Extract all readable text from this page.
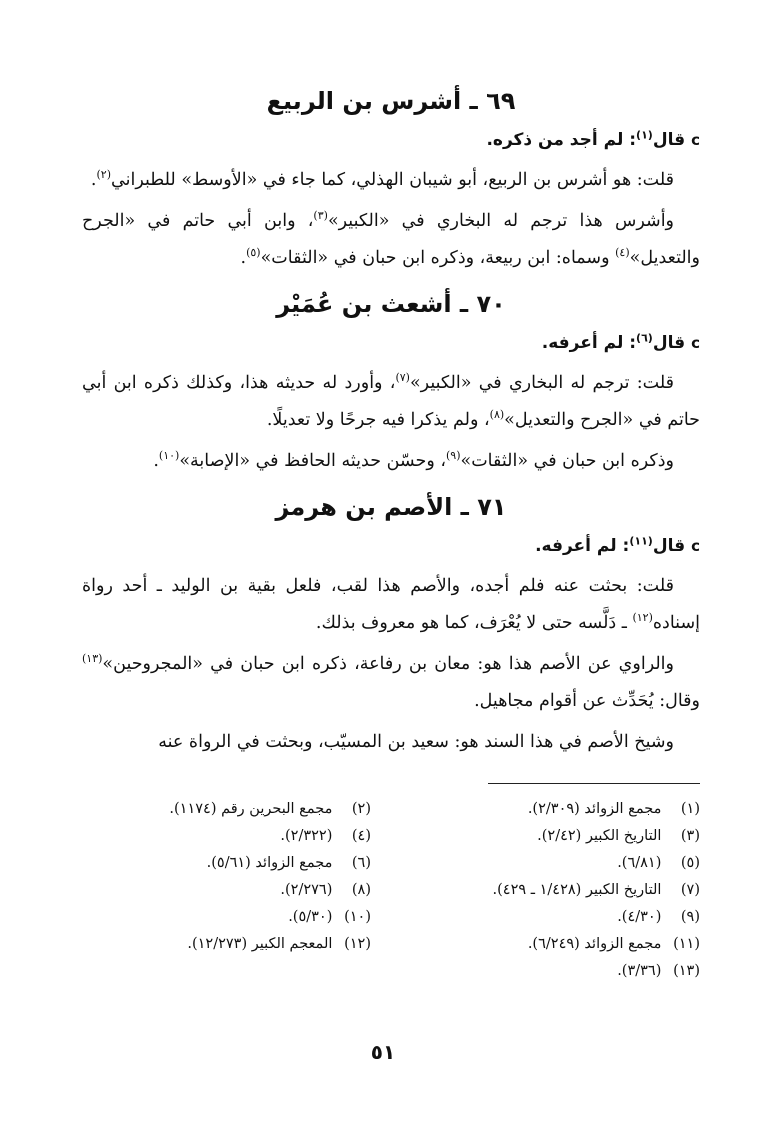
٦٩ ـ أشرس بن الربيع
cقال$^{(١)}$: لم أجد من ذكره.

قلت: هو أشرس بن الربيع، أبو شيبان الهذلي، كما جاء في «الأوسط» للطبراني$^{(٢)}$.

وأشرس هذا ترجم له البخاري في «الكبير»$^{(٣)}$، وابن أبي حاتم في «الجرح والتعديل»$^{(٤)}$ وسماه: ابن ربيعة، وذكره ابن حبان في «الثقات»$^{(٥)}$.

٧٠ ـ أشعث بن عُمَيْر
cقال$^{(٦)}$: لم أعرفه.

قلت: ترجم له البخاري في «الكبير»$^{(٧)}$، وأورد له حديثه هذا، وكذلك ذكره ابن أبي حاتم في «الجرح والتعديل»$^{(٨)}$، ولم يذكرا فيه جرحًا ولا تعديلًا.

وذكره ابن حبان في «الثقات»$^{(٩)}$، وحسّن حديثه الحافظ في «الإصابة»$^{(١٠)}$.

٧١ ـ الأصم بن هرمز
cقال$^{(١١)}$: لم أعرفه.

قلت: بحثت عنه فلم أجده، والأصم هذا لقب، فلعل بقية بن الوليد ـ أحد رواة إسناده$^{(١٢)}$ ـ دَلَّسه حتى لا يُعْرَف، كما هو معروف بذلك.

والراوي عن الأصم هذا هو: معان بن رفاعة، ذكره ابن حبان في «المجروحين»$^{(١٣)}$ وقال: يُحَدِّث عن أقوام مجاهيل.

وشيخ الأصم في هذا السند هو: سعيد بن المسيّب، وبحثت في الرواة عنه

(١) مجمع الزوائد (٢/٣٠٩).
(٢) مجمع البحرين رقم (١١٧٤).
(٣) التاريخ الكبير (٢/٤٢).
(٤) (٢/٣٢٢).
(٥) (٦/٨١).
(٦) مجمع الزوائد (٥/٦١).
(٧) التاريخ الكبير (١/٤٢٨ ـ ٤٢٩).
(٨) (٢/٢٧٦).
(٩) (٤/٣٠).
(١٠) (٥/٣٠).
(١١) مجمع الزوائد (٦/٢٤٩).
(١٢) المعجم الكبير (١٢/٢٧٣).
(١٣) (٣/٣٦).
٥١
